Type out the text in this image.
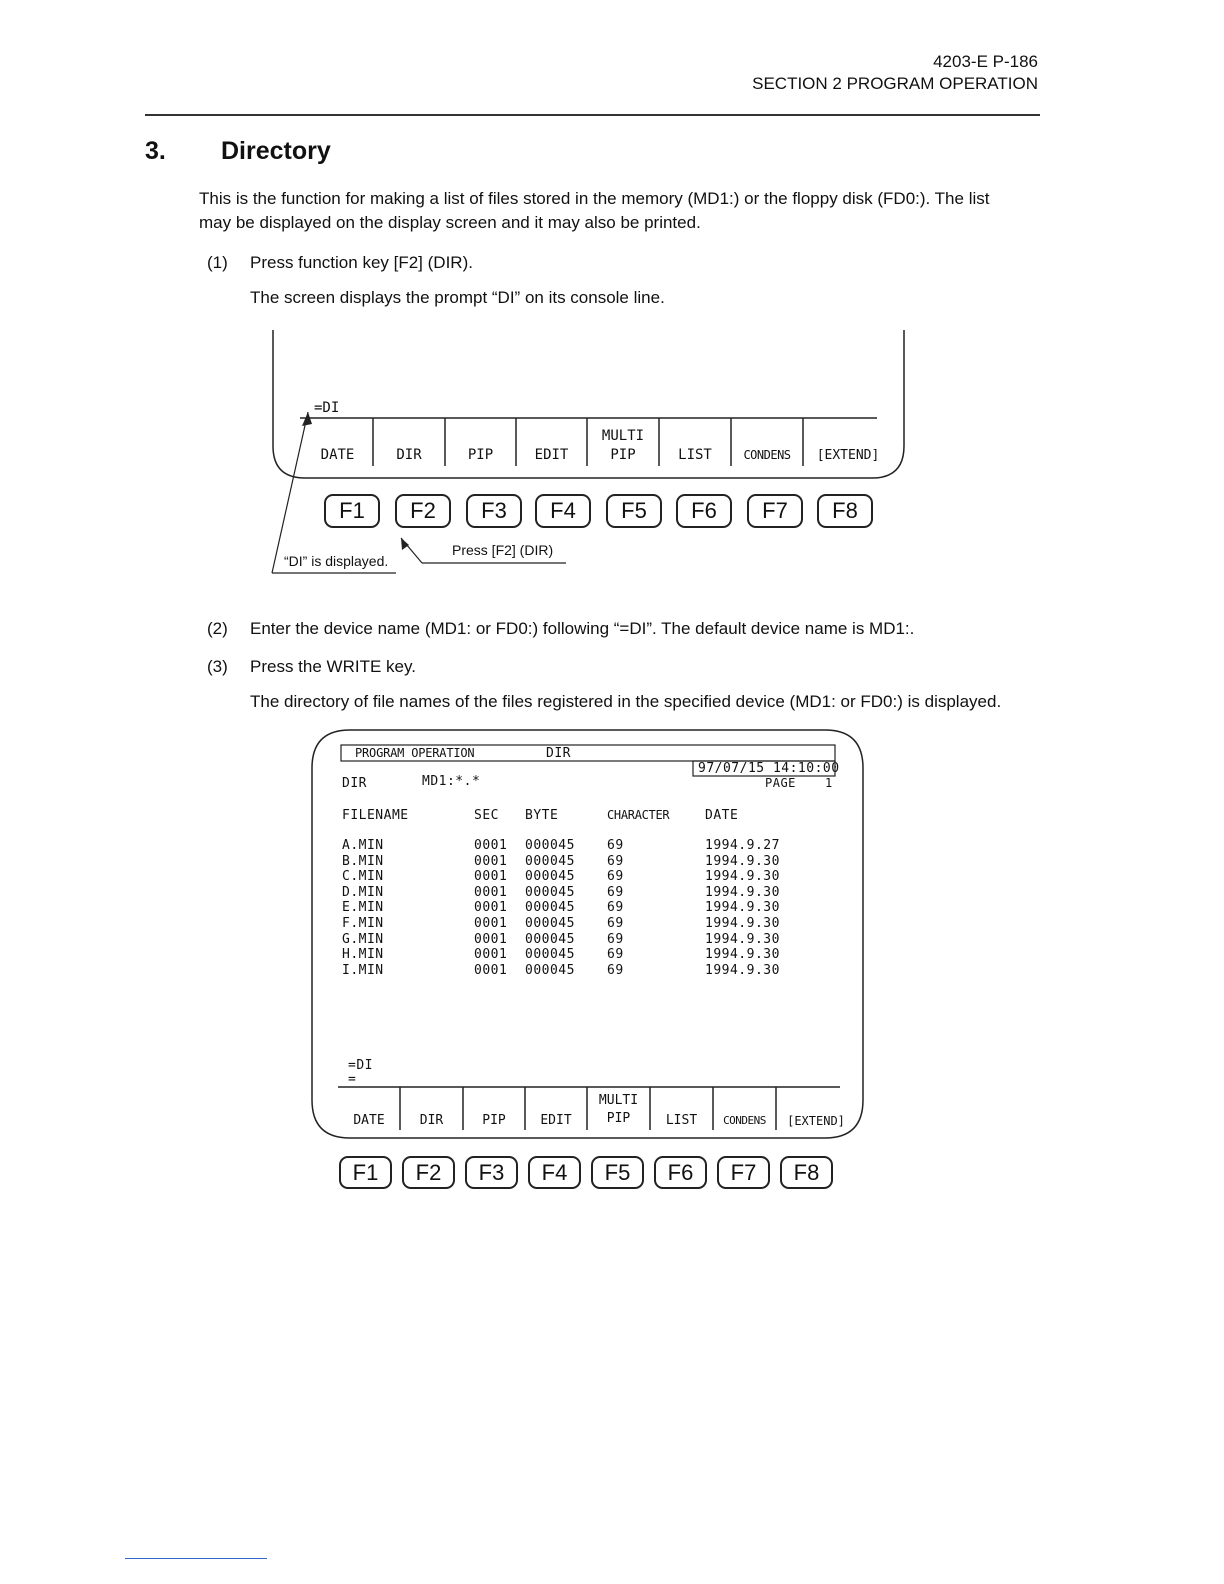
4203-E P-186
SECTION 2 PROGRAM OPERATION
3. Directory
This is the function for making a list of files stored in the memory (MD1:) or the floppy disk (FD0:). The list
may be displayed on the display screen and it may also be printed.
(1) Press function key [F2] (DIR).
The screen displays the prompt “DI” on its console line.
=DI
DATE	DIR	PIP	EDIT
MULTI
PIP	LIST	CONDENS	[EXTEND]
F1	F2	F3	F4	F5	F6	F7	F8
“DI” is displayed.
Press [F2] (DIR)
(2) Enter the device name (MD1: or FD0:) following “=DI”. The default device name is MD1:.
(3) Press the WRITE key.
The directory of file names of the files registered in the specified device (MD1: or FD0:) is displayed.
PROGRAM OPERATION	DIR
97/07/15 14:10:00
PAGE 1
DIR	MD1:*.*
FILENAME	SEC BYTE	CHARACTER	DATE
A.MIN	0001 000045 69	1994.9.27
B.MIN	0001 000045 69	1994.9.30
C.MIN	0001 000045 69	1994.9.30
D.MIN	0001 000045 69	1994.9.30
E.MIN	0001 000045 69	1994.9.30
F.MIN	0001 000045 69	1994.9.30
G.MIN	0001 000045 69	1994.9.30
H.MIN	0001 000045 69	1994.9.30
I.MIN	0001 000045 69	1994.9.30
=DI
=
DATE	DIR	PIP	EDIT
MULTI
PIP	LIST	CONDENS	[EXTEND]
F1	F2	F3	F4	F5	F6	F7	F8
